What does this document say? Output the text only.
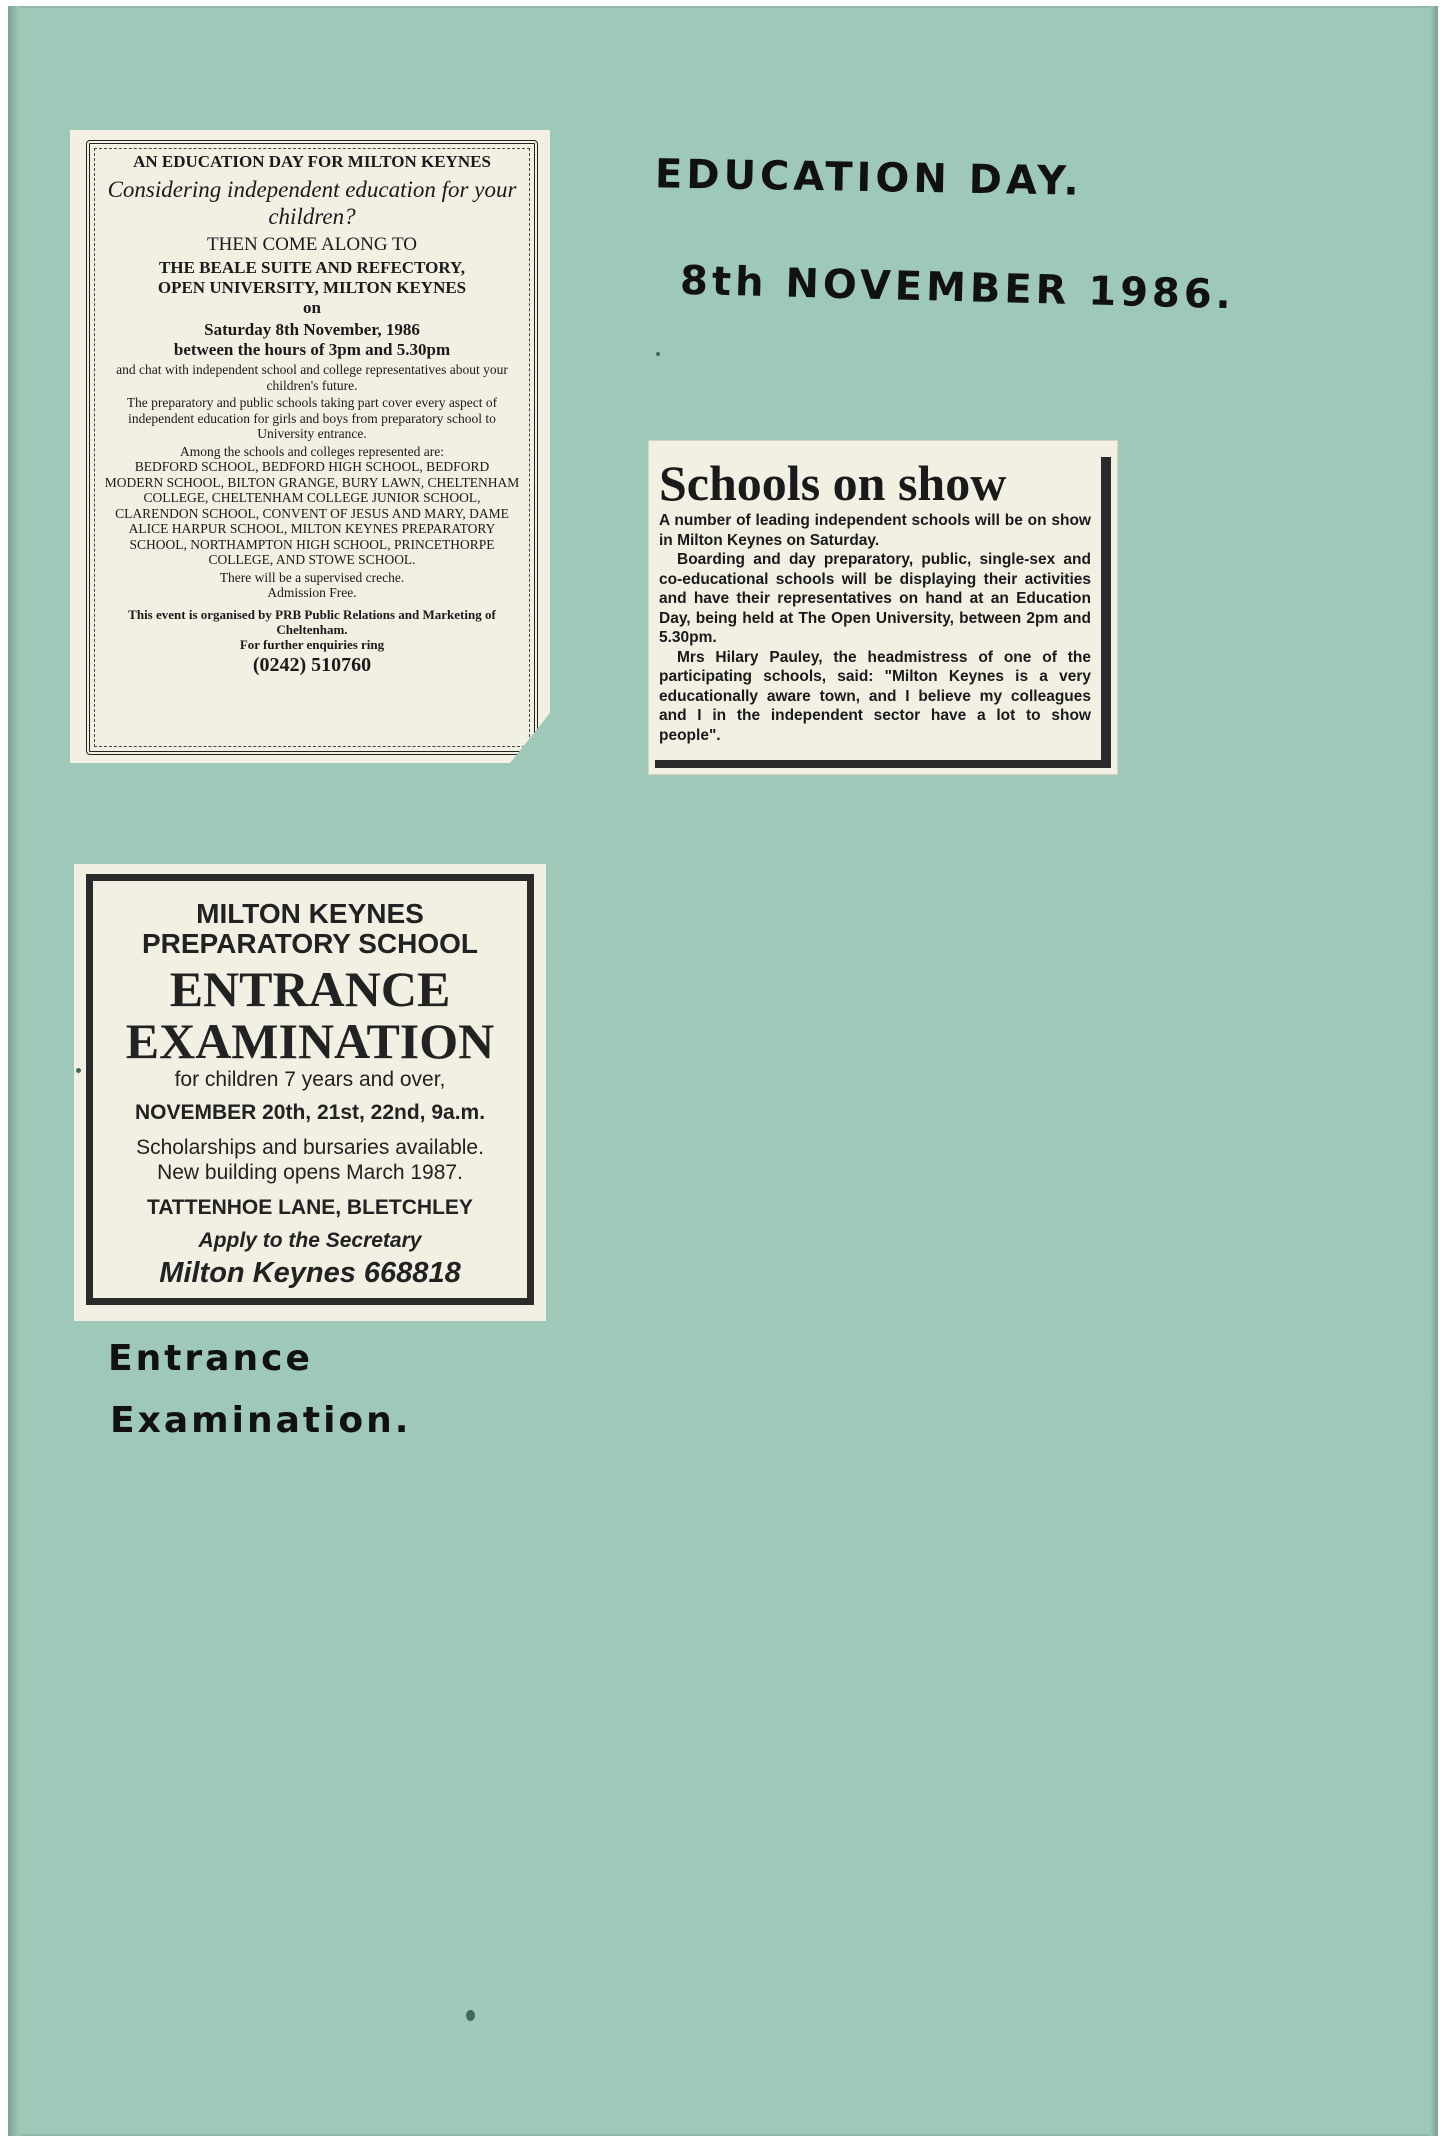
AN EDUCATION DAY FOR MILTON KEYNES

Considering independent education for your children?

THEN COME ALONG TO

THE BEALE SUITE AND REFECTORY,

OPEN UNIVERSITY, MILTON KEYNES

on

Saturday 8th November, 1986

between the hours of 3pm and 5.30pm

and chat with independent school and college representatives about your children's future.

The preparatory and public schools taking part cover every aspect of independent education for girls and boys from preparatory school to University entrance.

Among the schools and colleges represented are:

BEDFORD SCHOOL, BEDFORD HIGH SCHOOL, BEDFORD MODERN SCHOOL, BILTON GRANGE, BURY LAWN, CHELTENHAM COLLEGE, CHELTENHAM COLLEGE JUNIOR SCHOOL, CLARENDON SCHOOL, CONVENT OF JESUS AND MARY, DAME ALICE HARPUR SCHOOL, MILTON KEYNES PREPARATORY SCHOOL, NORTHAMPTON HIGH SCHOOL, PRINCETHORPE COLLEGE, AND STOWE SCHOOL.

There will be a supervised creche.

Admission Free.

This event is organised by PRB Public Relations and Marketing of Cheltenham.

For further enquiries ring

(0242) 510760

EDUCATION DAY.
8th NOVEMBER 1986.

Schools on show

A number of leading independent schools will be on show in Milton Keynes on Saturday.

Boarding and day preparatory, public, single-sex and co-educational schools will be displaying their activities and have their representatives on hand at an Education Day, being held at The Open University, between 2pm and 5.30pm.

Mrs Hilary Pauley, the headmistress of one of the participating schools, said: "Milton Keynes is a very educationally aware town, and I believe my colleagues and I in the independent sector have a lot to show people".

MILTON KEYNES
PREPARATORY SCHOOL

ENTRANCE

EXAMINATION

for children 7 years and over,

NOVEMBER 20th, 21st, 22nd, 9a.m.

Scholarships and bursaries available.

New building opens March 1987.

TATTENHOE LANE, BLETCHLEY

Apply to the Secretary

Milton Keynes 668818

Entrance
Examination.
